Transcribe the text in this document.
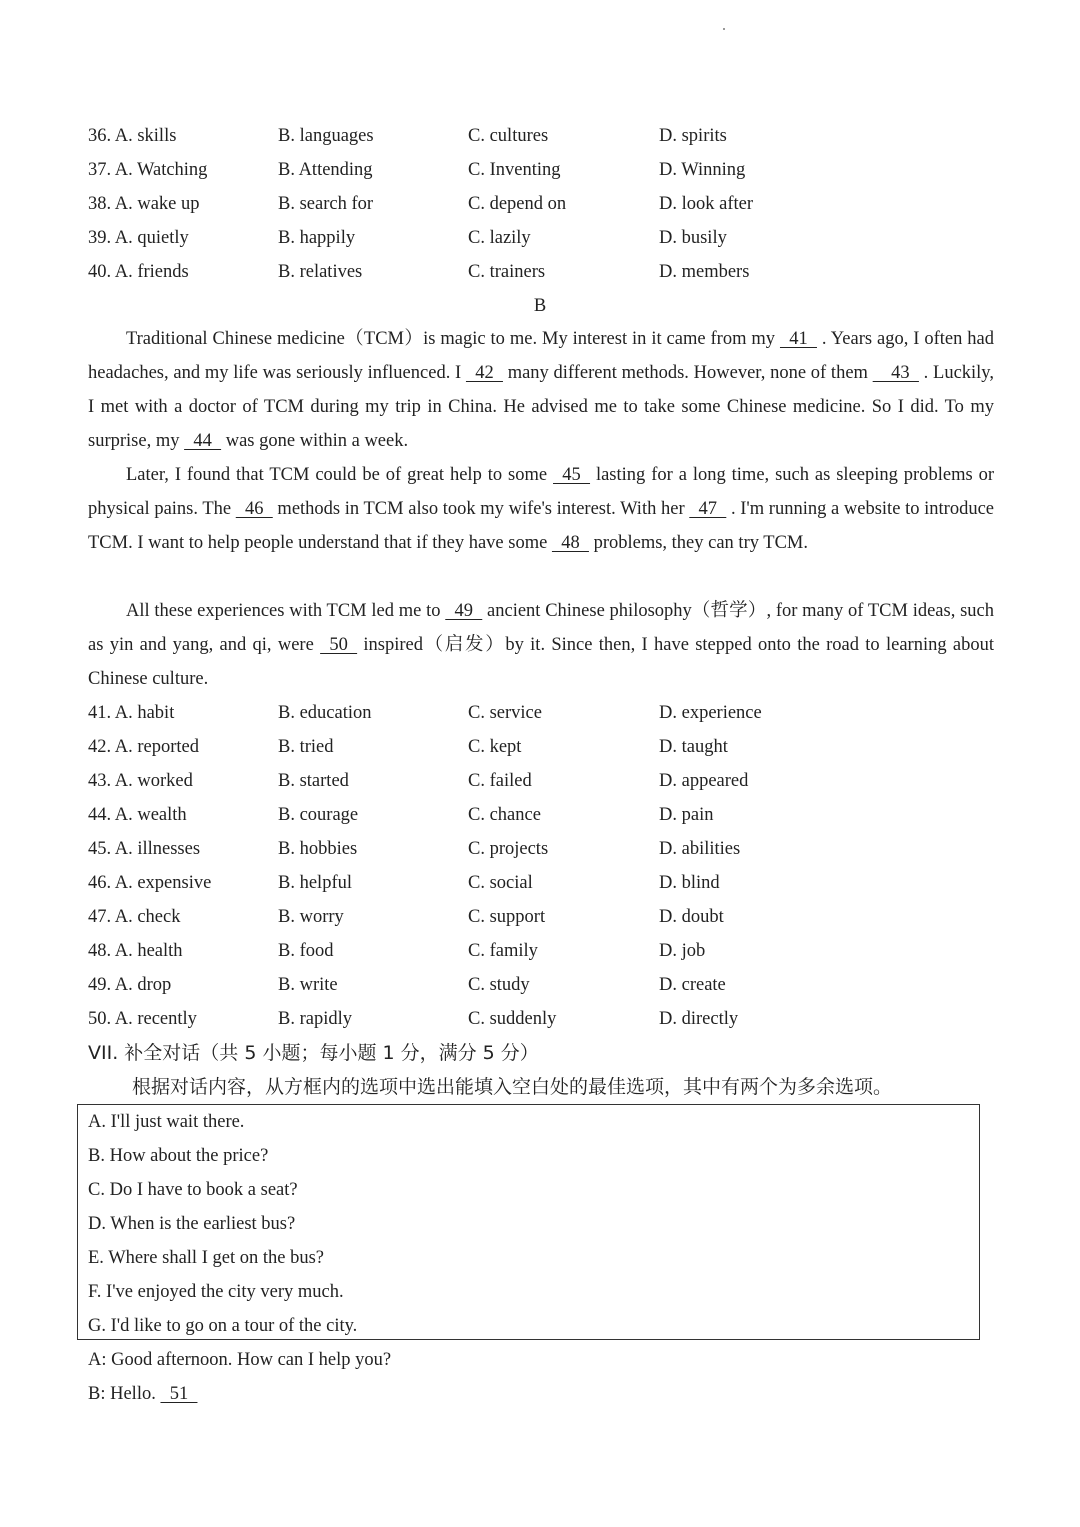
36. A. skills	B. languages	C. cultures	D. spirits
37. A. Watching	B. Attending	C. Inventing	D. Winning
38. A. wake up	B. search for	C. depend on	D. look after
39. A. quietly	B. happily	C. lazily	D. busily
40. A. friends	B. relatives	C. trainers	D. members
B
Traditional Chinese medicine（TCM）is magic to me. My interest in it came from my   41   . Years ago, I often had headaches, and my life was seriously influenced. I   42   many different methods. However, none of them     43   . Luckily, I met with a doctor of TCM during my trip in China. He advised me to take some Chinese medicine. So I did. To my surprise, my   44   was gone within a week.
Later, I found that TCM could be of great help to some   45   lasting for a long time, such as sleeping problems or physical pains. The   46   methods in TCM also took my wife's interest. With her   47   . I'm running a website to introduce TCM. I want to help people understand that if they have some   48   problems, they can try TCM.
All these experiences with TCM led me to   49   ancient Chinese philosophy（哲学）, for many of TCM ideas, such as yin and yang, and qi, were   50   inspired（启发）by it. Since then, I have stepped onto the road to learning about Chinese culture.
41. A. habit	B. education	C. service	D. experience
42. A. reported	B. tried	C. kept	D. taught
43. A. worked	B. started	C. failed	D. appeared
44. A. wealth	B. courage	C. chance	D. pain
45. A. illnesses	B. hobbies	C. projects	D. abilities
46. A. expensive	B. helpful	C. social	D. blind
47. A. check	B. worry	C. support	D. doubt
48. A. health	B. food	C. family	D. job
49. A. drop	B. write	C. study	D. create
50. A. recently	B. rapidly	C. suddenly	D. directly
VII. 补全对话（共 5 小题；每小题 1 分，满分 5 分）
根据对话内容，从方框内的选项中选出能填入空白处的最佳选项，其中有两个为多余选项。
A. I'll just wait there.
B. How about the price?
C. Do I have to book a seat?
D. When is the earliest bus?
E. Where shall I get on the bus?
F. I've enjoyed the city very much.
G. I'd like to go on a tour of the city.
A: Good afternoon. How can I help you?
B: Hello.   51
